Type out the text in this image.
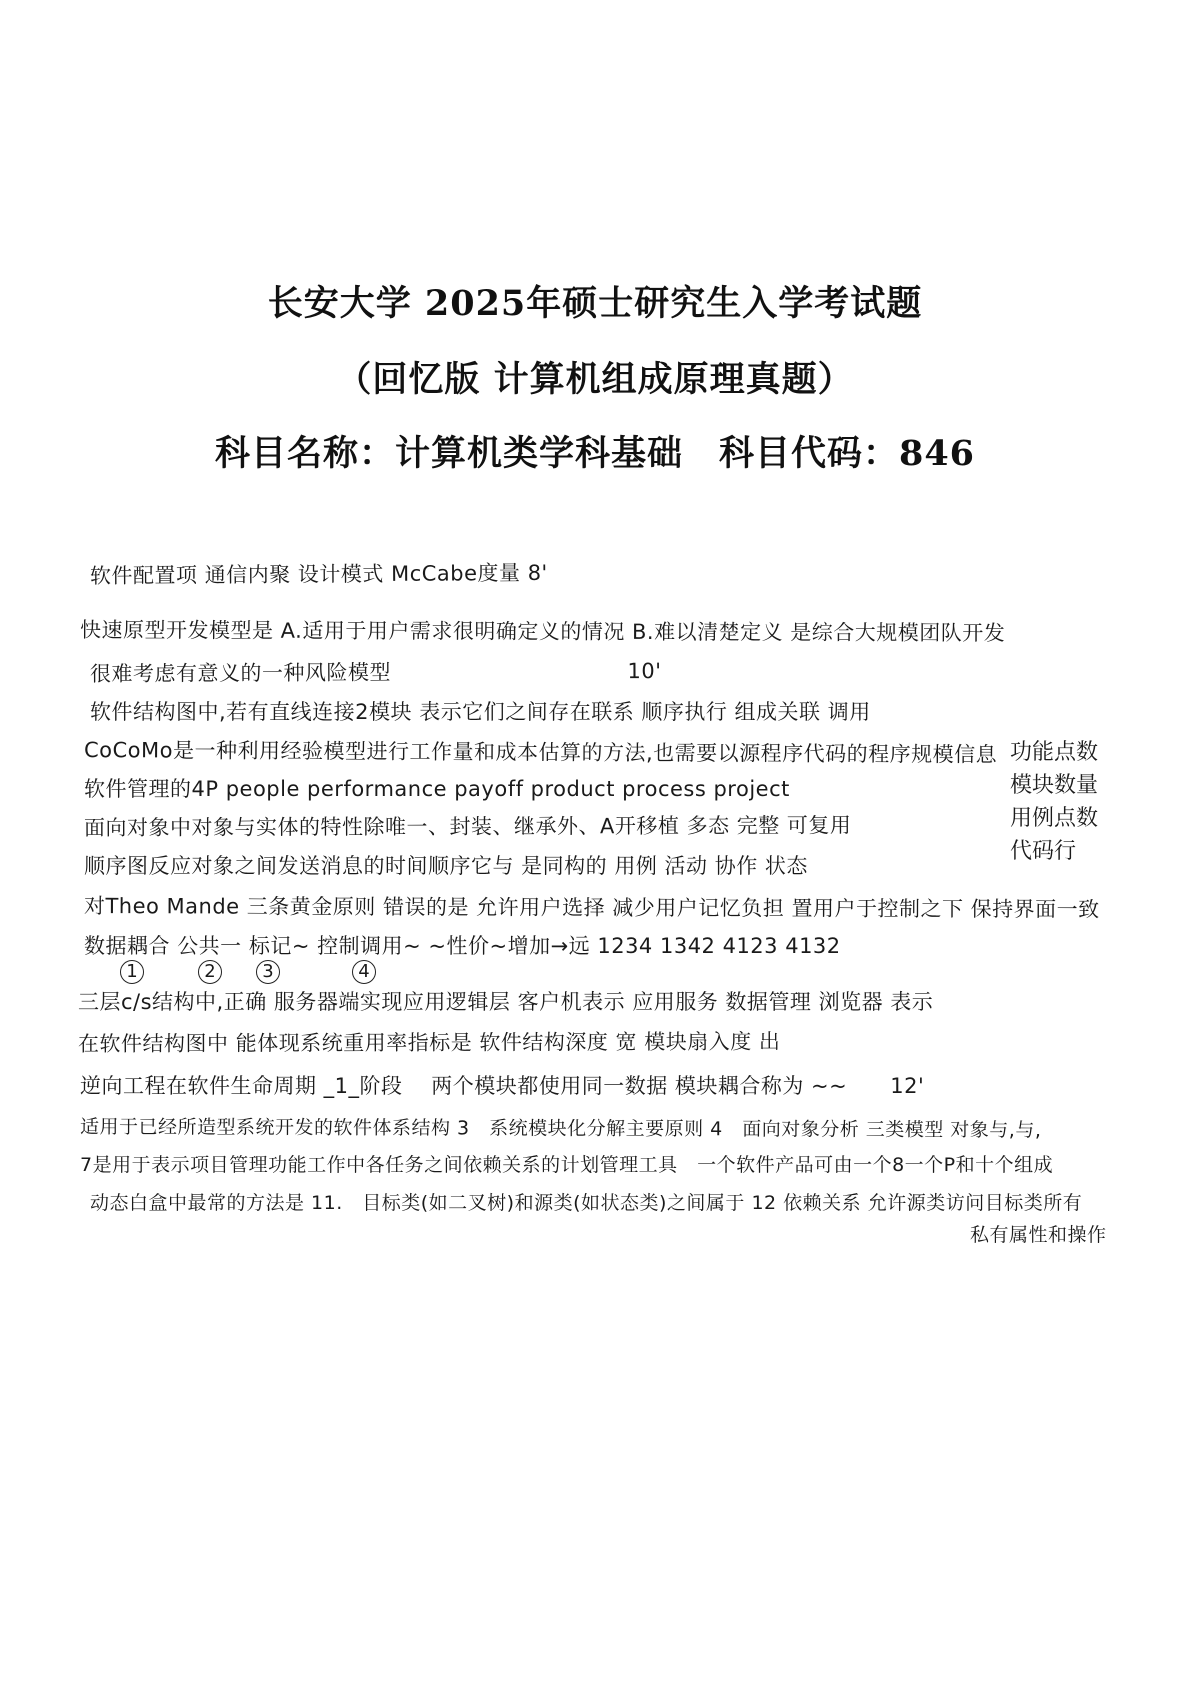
长安大学 2025年硕士研究生入学考试题
（回忆版 计算机组成原理真题）
科目名称：计算机类学科基础　科目代码：846
软件配置项 通信内聚 设计模式 McCabe度量 8'
快速原型开发模型是 A.适用于用户需求很明确定义的情况 B.难以清楚定义 是综合大规模团队开发
很难考虑有意义的一种风险模型　　　　　　　　　　　10'
软件结构图中,若有直线连接2模块 表示它们之间存在联系 顺序执行 组成关联 调用
CoCoMo是一种利用经验模型进行工作量和成本估算的方法,也需要以源程序代码的程序规模信息
软件管理的4P people performance payoff product process project
面向对象中对象与实体的特性除唯一、封装、继承外、A开移植 多态 完整 可复用
顺序图反应对象之间发送消息的时间顺序它与 是同构的 用例 活动 协作 状态
对Theo Mande 三条黄金原则 错误的是 允许用户选择 减少用户记忆负担 置用户于控制之下 保持界面一致
数据耦合 公共一 标记~ 控制调用~ ~性价~增加→远 1234 1342 4123 4132
三层c/s结构中,正确 服务器端实现应用逻辑层 客户机表示 应用服务 数据管理 浏览器 表示
在软件结构图中 能体现系统重用率指标是 软件结构深度 宽 模块扇入度 出
逆向工程在软件生命周期 _1_阶段　 两个模块都使用同一数据 模块耦合称为 ~~　　12'
适用于已经所造型系统开发的软件体系结构 3　系统模块化分解主要原则 4　面向对象分析 三类模型 对象与,与,
7是用于表示项目管理功能工作中各任务之间依赖关系的计划管理工具　一个软件产品可由一个8一个P和十个组成
动态白盒中最常的方法是 11.　目标类(如二叉树)和源类(如状态类)之间属于 12 依赖关系 允许源类访问目标类所有
私有属性和操作
1	2	3	4
功能点数
模块数量
用例点数
代码行
